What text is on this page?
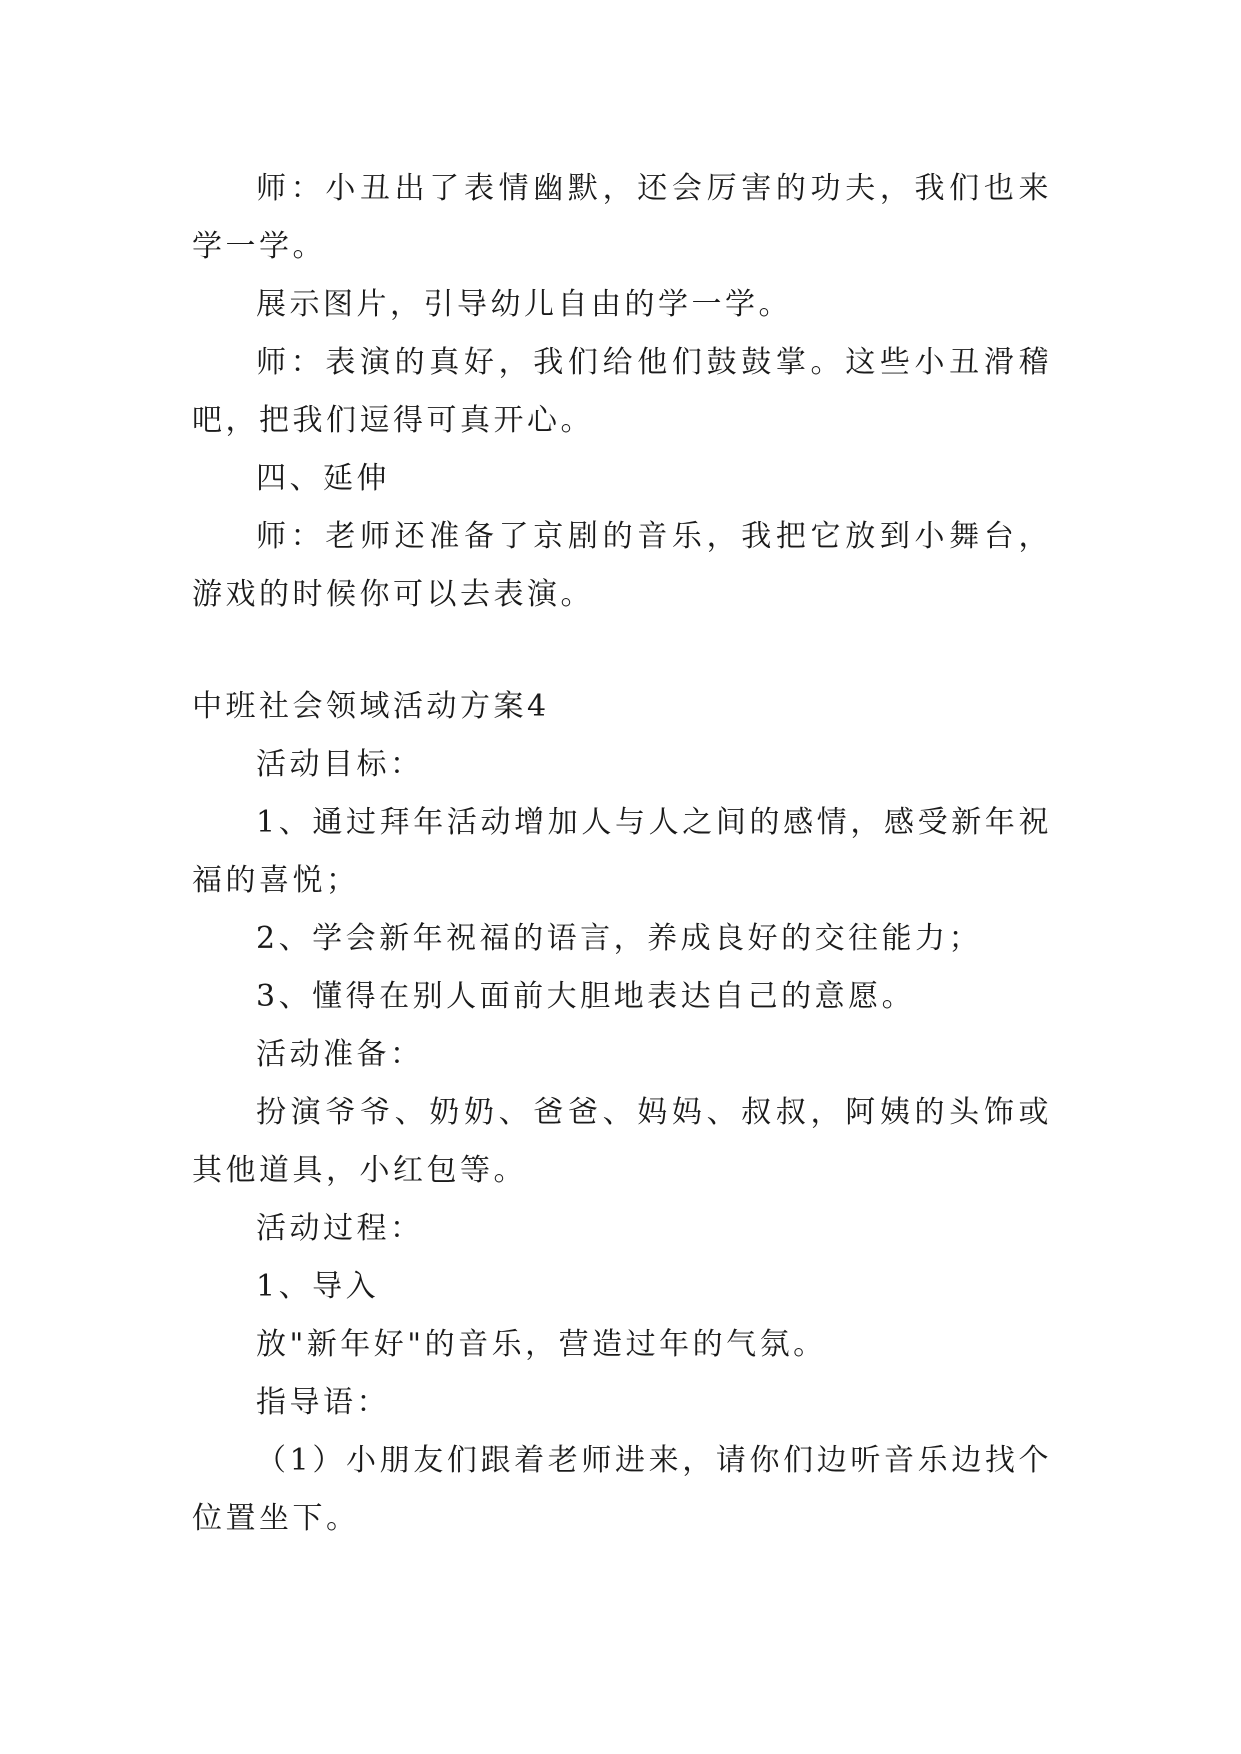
师：小丑出了表情幽默，还会厉害的功夫，我们也来学一学。

展示图片，引导幼儿自由的学一学。

师：表演的真好，我们给他们鼓鼓掌。这些小丑滑稽吧，把我们逗得可真开心。

四、延伸

师：老师还准备了京剧的音乐，我把它放到小舞台，游戏的时候你可以去表演。

中班社会领域活动方案4

活动目标：

1、通过拜年活动增加人与人之间的感情，感受新年祝福的喜悦；

2、学会新年祝福的语言，养成良好的交往能力；

3、懂得在别人面前大胆地表达自己的意愿。

活动准备：

扮演爷爷、奶奶、爸爸、妈妈、叔叔，阿姨的头饰或其他道具，小红包等。

活动过程：

1、导入

放"新年好"的音乐，营造过年的气氛。

指导语：

（1）小朋友们跟着老师进来，请你们边听音乐边找个位置坐下。
